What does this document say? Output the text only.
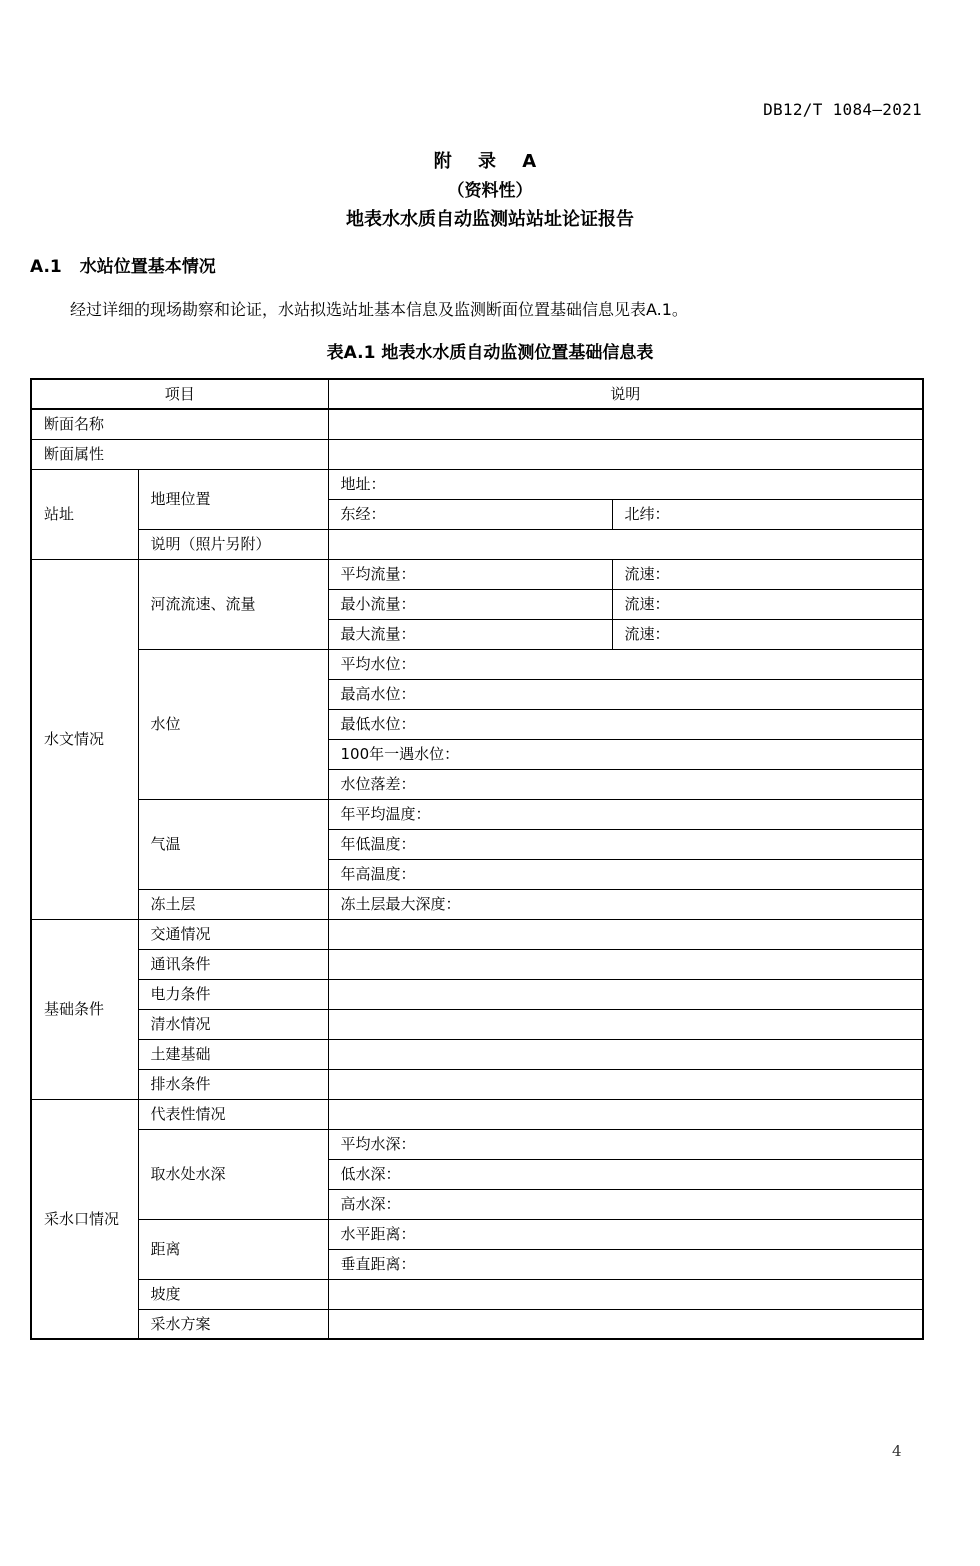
DB12/T 1084—2021
附 录 A
（资料性）
地表水水质自动监测站站址论证报告
A.1 水站位置基本情况
经过详细的现场勘察和论证，水站拟选站址基本信息及监测断面位置基础信息见表A.1。
表A.1 地表水水质自动监测位置基础信息表
项目		说明	
断面名称			
断面属性			
站址	地理位置	地址：	
		东经：	北纬：
	说明（照片另附）		
水文情况	河流流速、流量	平均流量：	流速：
		最小流量：	流速：
		最大流量：	流速：
	水位	平均水位：	
		最高水位：	
		最低水位：	
		100年一遇水位：	
		水位落差：	
	气温	年平均温度：	
		年低温度：	
		年高温度：	
	冻土层	冻土层最大深度：	
基础条件	交通情况		
	通讯条件		
	电力条件		
	清水情况		
	土建基础		
	排水条件		
采水口情况	代表性情况		
	取水处水深	平均水深：	
		低水深：	
		高水深：	
	距离	水平距离：	
		垂直距离：	
	坡度		
	采水方案		
4
